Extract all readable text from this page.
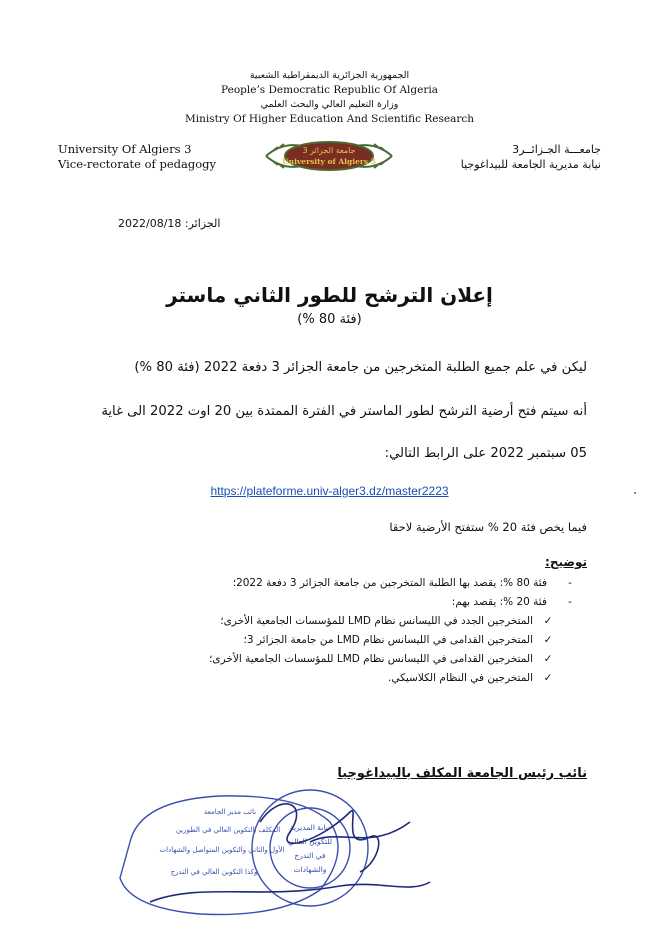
الجمهورية الجزائرية الديمقراطية الشعبية
People’s Democratic Republic Of Algeria
وزارة التعليم العالي والبحث العلمي
Ministry Of Higher Education And Scientific Research
University Of Algiers 3
Vice-rectorate of pedagogy
جامعة الجزائر 3
University of Algiers 3
جامعـــة الجـزائــر3
نيابة مديرية الجامعة للبيداغوجيا
الجزائر: 2022/08/18
إعلان الترشح للطور الثاني ماستر
(فئة 80 %)
ليكن في علم جميع الطلبة المتخرجين من جامعة الجزائر 3 دفعة 2022 (فئة 80 %)
أنه سيتم فتح أرضية الترشح لطور الماستر في الفترة الممتدة بين 20 اوت 2022 الى غاية
05 سبتمبر 2022 على الرابط التالي:
https://plateforme.univ-alger3.dz/master2223
فيما يخص فئة 20 % ستفتح الأرضية لاحقا
توضيح:
-
فئة 80 %: يقصد بها الطلبة المتخرجين من جامعة الجزائر 3 دفعة 2022؛
-
فئة 20 %: يقصد بهم:
✓
المتخرجين الجدد في الليسانس نظام LMD للمؤسسات الجامعية الأخرى؛
✓
المتخرجين القدامى في الليسانس نظام LMD من جامعة الجزائر 3؛
✓
المتخرجين القدامى في الليسانس نظام LMD للمؤسسات الجامعية الأخرى؛
✓
المتخرجين في النظام الكلاسيكي.
نائب رئيس الجامعة المكلف بالبيداغوجيا
نائب مدير الجامعة
المكلف بالتكوين العالي في الطورين
الأول والثاني والتكوين المتواصل والشهادات
وكذا التكوين العالي في التدرج
نيابة المديرية
للتكوين العالي
في التدرج
والشهادات
